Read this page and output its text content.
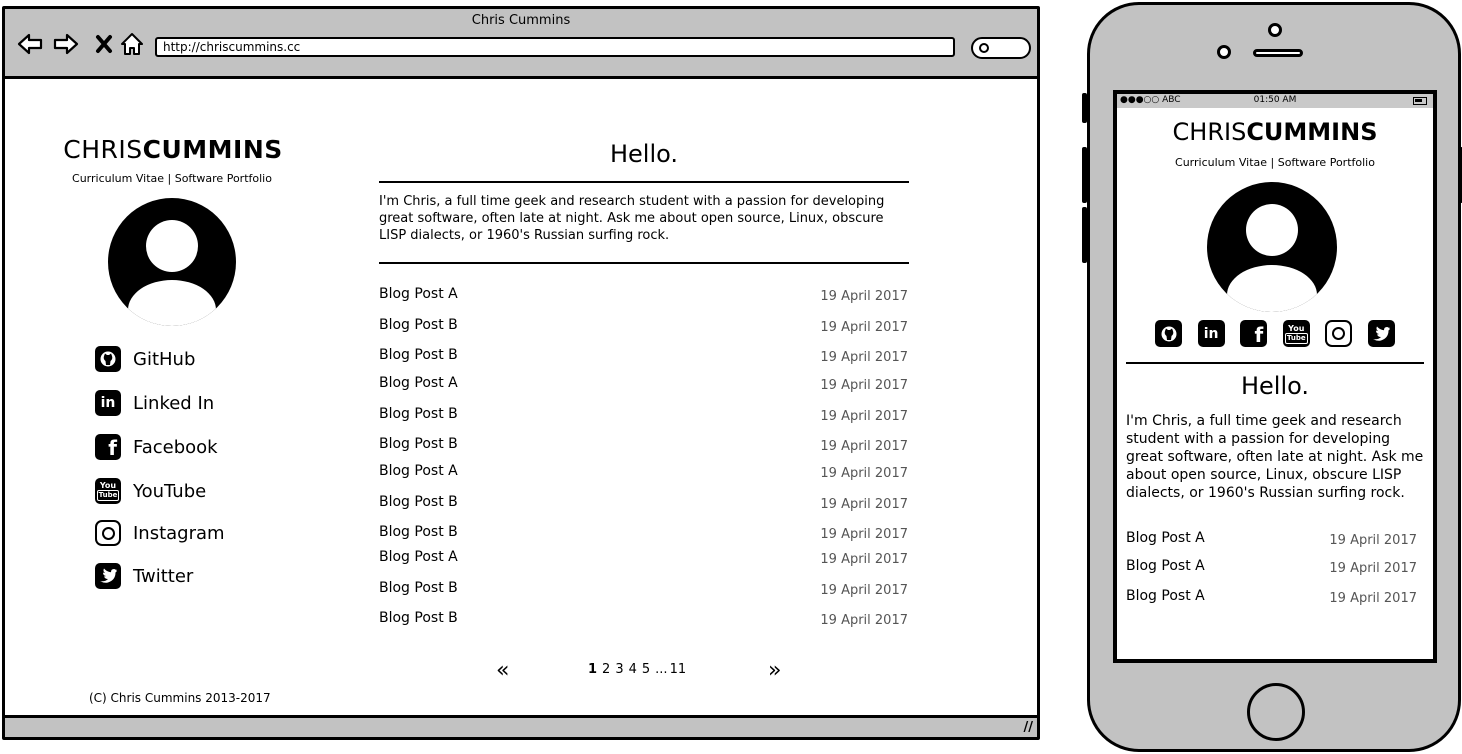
Chris Cummins
http://chriscummins.cc
//
CHRISCUMMINS
Curriculum Vitae | Software Portfolio
GitHub
in Linked In
f Facebook
You
Tube YouTube
Instagram
Twitter
Hello.
I'm Chris, a full time geek and research student with a passion for developing great software, often late at night. Ask me about open source, Linux, obscure LISP dialects, or 1960's Russian surfing rock.
Blog Post A	19 April 2017
Blog Post B	19 April 2017
Blog Post B	19 April 2017
Blog Post A	19 April 2017
Blog Post B	19 April 2017
Blog Post B	19 April 2017
Blog Post A	19 April 2017
Blog Post B	19 April 2017
Blog Post B	19 April 2017
Blog Post A	19 April 2017
Blog Post B	19 April 2017
Blog Post B	19 April 2017
«	1 2 3 4 5 ... 11	»
(C) Chris Cummins 2013-2017
●●●○○ ABC	01:50 AM
CHRISCUMMINS
Curriculum Vitae | Software Portfolio
in	f	You
Tube
Hello.
I'm Chris, a full time geek and research student with a passion for developing great software, often late at night. Ask me about open source, Linux, obscure LISP dialects, or 1960's Russian surfing rock.
Blog Post A	19 April 2017
Blog Post A	19 April 2017
Blog Post A	19 April 2017
